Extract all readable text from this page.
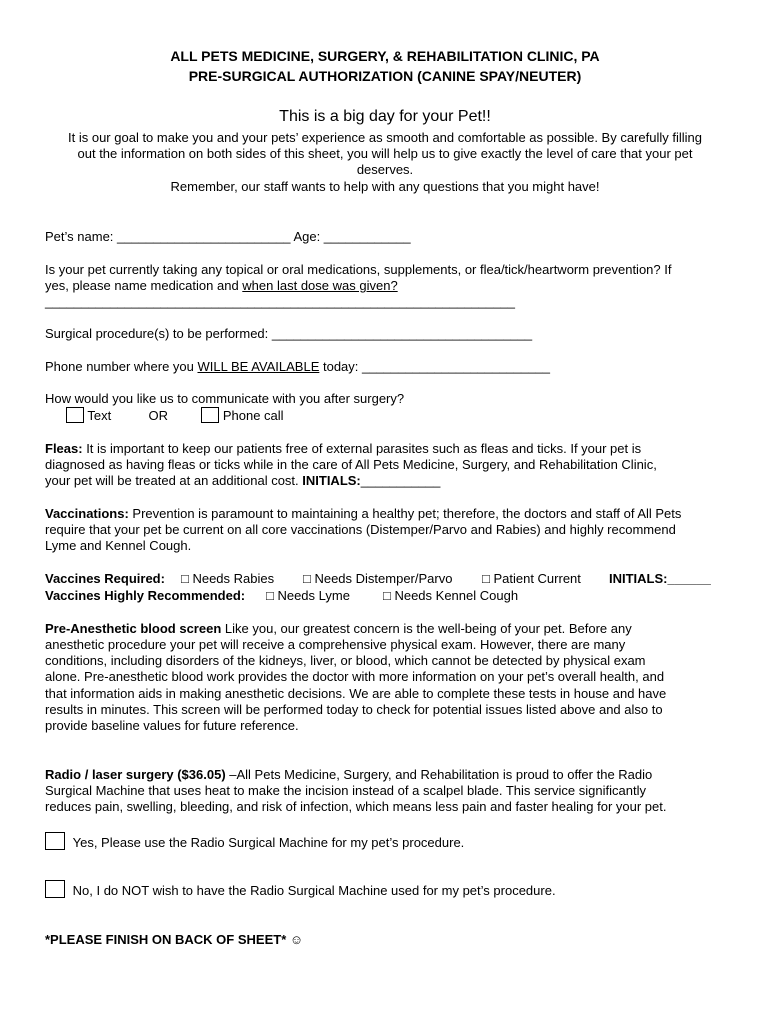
ALL PETS MEDICINE, SURGERY, & REHABILITATION CLINIC, PA
PRE-SURGICAL AUTHORIZATION (CANINE SPAY/NEUTER)
This is a big day for your Pet!!
It is our goal to make you and your pets’ experience as smooth and comfortable as possible. By carefully filling
out the information on both sides of this sheet, you will help us to give exactly the level of care that your pet
deserves.
Remember, our staff wants to help with any questions that you might have!
Pet’s name: ________________________ Age: ____________
Is your pet currently taking any topical or oral medications, supplements, or flea/tick/heartworm prevention? If
yes, please name medication and when last dose was given?
_________________________________________________________________
Surgical procedure(s) to be performed: ____________________________________
Phone number where you WILL BE AVAILABLE today: __________________________
How would you like us to communicate with you after surgery?
Text	OR	Phone call
Fleas: It is important to keep our patients free of external parasites such as fleas and ticks. If your pet is
diagnosed as having fleas or ticks while in the care of All Pets Medicine, Surgery, and Rehabilitation Clinic,
your pet will be treated at an additional cost. INITIALS:___________
Vaccinations: Prevention is paramount to maintaining a healthy pet; therefore, the doctors and staff of All Pets
require that your pet be current on all core vaccinations (Distemper/Parvo and Rabies) and highly recommend
Lyme and Kennel Cough.
Vaccines Required: □ Needs Rabies □ Needs Distemper/Parvo □ Patient Current INITIALS:______
Vaccines Highly Recommended: □ Needs Lyme	□ Needs Kennel Cough
Pre-Anesthetic blood screen Like you, our greatest concern is the well-being of your pet. Before any
anesthetic procedure your pet will receive a comprehensive physical exam. However, there are many
conditions, including disorders of the kidneys, liver, or blood, which cannot be detected by physical exam
alone. Pre-anesthetic blood work provides the doctor with more information on your pet’s overall health, and
that information aids in making anesthetic decisions. We are able to complete these tests in house and have
results in minutes. This screen will be performed today to check for potential issues listed above and also to
provide baseline values for future reference.
Radio / laser surgery ($36.05) –All Pets Medicine, Surgery, and Rehabilitation is proud to offer the Radio
Surgical Machine that uses heat to make the incision instead of a scalpel blade. This service significantly
reduces pain, swelling, bleeding, and risk of infection, which means less pain and faster healing for your pet.
Yes, Please use the Radio Surgical Machine for my pet’s procedure.
No, I do NOT wish to have the Radio Surgical Machine used for my pet’s procedure.
*PLEASE FINISH ON BACK OF SHEET* ☺
